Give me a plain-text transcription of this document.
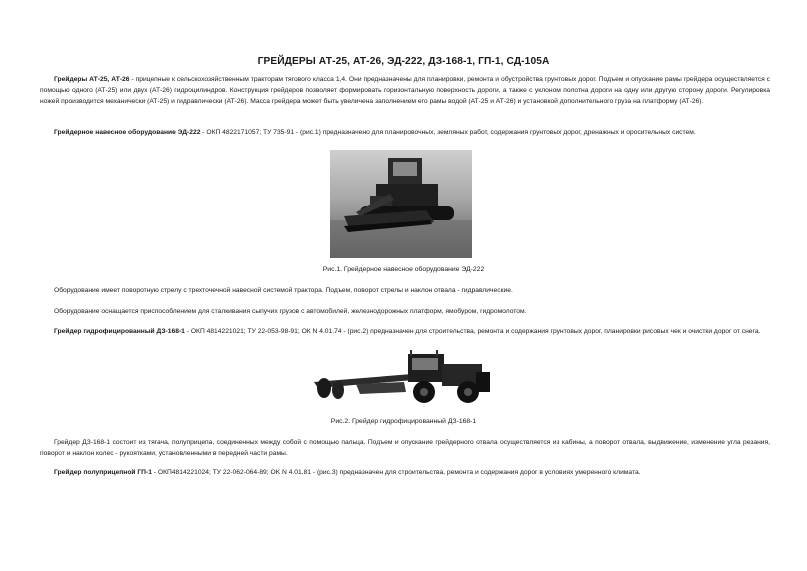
ГРЕЙДЕРЫ АТ-25, АТ-26, ЭД-222, ДЗ-168-1, ГП-1, СД-105А
Грейдеры АТ-25, АТ-26 - прицепные к сельскохозяйственным тракторам тягового класса 1,4. Они предназначены для планировки, ремонта и обустройства грунтовых дорог. Подъем и опускание рамы грейдера осуществляется с помощью одного (АТ-25) или двух (АТ-26) гидроцилиндров. Конструкция грейдеров позволяет формировать горизонтальную поверхность дороги, а также с уклоном полотна дороги на одну или другую сторону дороги. Регулировка ножей производится механически (АТ-25) и гидравлически (АТ-26). Масса грейдера может быть увеличена заполнением его рамы водой (АТ-25 и АТ-26) и установкой дополнительного груза на платформу (АТ-26).
Грейдерное навесное оборудование ЭД-222 - ОКП 4822171057; ТУ 735-91 - (рис.1) предназначено для планировочных, земляных работ, содержания грунтовых дорог, дренажных и оросительных систем.
Рис.1. Грейдерное навесное оборудование ЭД-222
Оборудование имеет поворотную стрелу с трехточечной навесной системой трактора. Подъем, поворот стрелы и наклон отвала - гидравлические.
Оборудование оснащается приспособлением для сталкивания сыпучих грузов с автомобилей, железнодорожных платформ, ямобуром, гидромолотом.
Грейдер гидрофицированный ДЗ-168-1 - ОКП 4814221021; ТУ 22-053-98-91; ОК N 4.01.74 - (рис.2) предназначен для строительства, ремонта и содержания грунтовых дорог, планировки рисовых чек и очистки дорог от снега.
Рис.2. Грейдер гидрофицированный ДЗ-168-1
Грейдер ДЗ-168-1 состоит из тягача, полуприцепа, соединенных между собой с помощью пальца. Подъем и опускание грейдерного отвала осуществляется из кабины, а поворот отвала, выдвижение, изменение угла резания, поворот и наклон колес - рукоятками, установленными в передней части рамы.
Грейдер полуприцепной ГП-1 - ОКП4814221024; ТУ 22-062-064-89; OK N 4.01.81 - (рис.3) предназначен для строительства, ремонта и содержания дорог в условиях умеренного климата.
